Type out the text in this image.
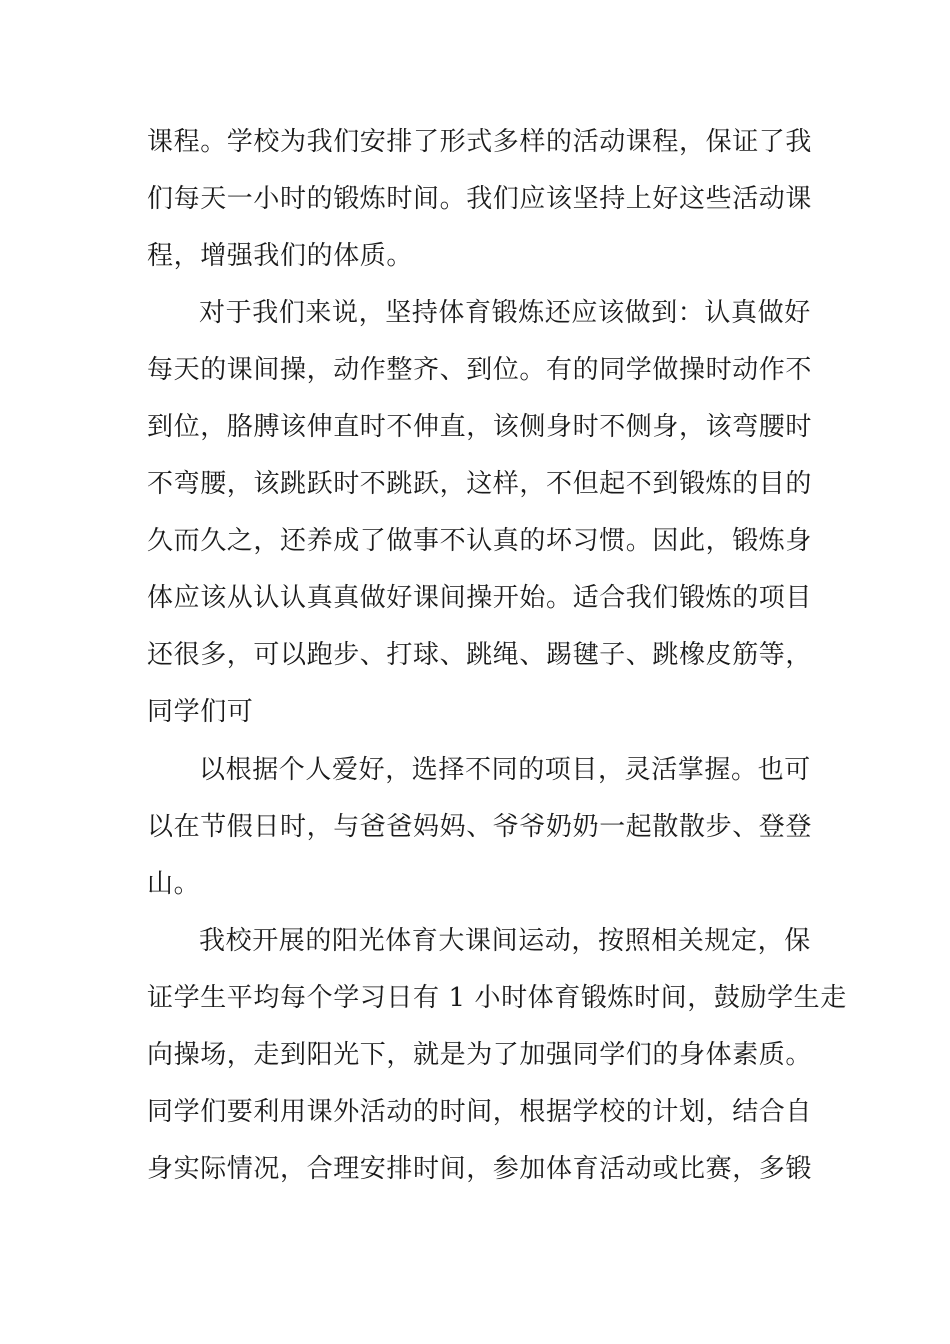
课程。学校为我们安排了形式多样的活动课程，保证了我
们每天一小时的锻炼时间。我们应该坚持上好这些活动课
程，增强我们的体质。
对于我们来说，坚持体育锻炼还应该做到：认真做好
每天的课间操，动作整齐、到位。有的同学做操时动作不
到位，胳膊该伸直时不伸直，该侧身时不侧身，该弯腰时
不弯腰，该跳跃时不跳跃，这样，不但起不到锻炼的目的
久而久之，还养成了做事不认真的坏习惯。因此，锻炼身
体应该从认认真真做好课间操开始。适合我们锻炼的项目
还很多，可以跑步、打球、跳绳、踢毽子、跳橡皮筋等，
同学们可
以根据个人爱好，选择不同的项目，灵活掌握。也可
以在节假日时，与爸爸妈妈、爷爷奶奶一起散散步、登登
山。
我校开展的阳光体育大课间运动，按照相关规定，保
证学生平均每个学习日有 1 小时体育锻炼时间，鼓励学生走
向操场，走到阳光下，就是为了加强同学们的身体素质。
同学们要利用课外活动的时间，根据学校的计划，结合自
身实际情况，合理安排时间，参加体育活动或比赛，多锻
